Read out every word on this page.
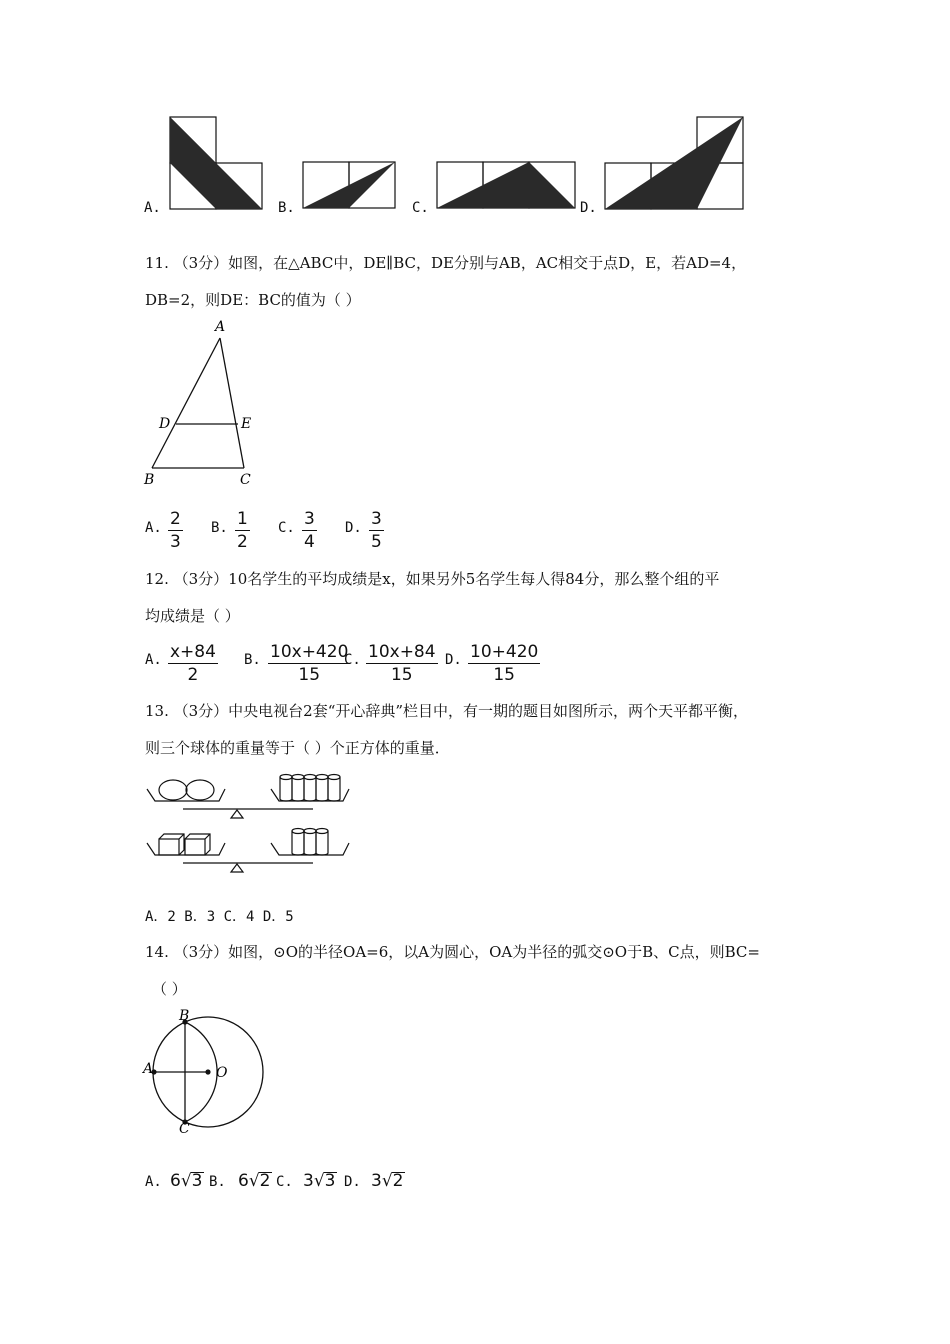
A.	B.	C.	D.
11. （3分）如图，在△ABC中，DE∥BC，DE分别与AB，AC相交于点D，E，若AD=4，
DB=2，则DE：BC的值为（ ）
A
D	E
B	C
A. $\frac{2}{3} B$. $\frac{1}{2} C$. $\frac{3}{4} D$. $\frac{3}{5}$
12. （3分）10名学生的平均成绩是x，如果另外5名学生每人得84分，那么整个组的平
均成绩是（ ）
A. $\frac{x+84}{2} B$. $\frac{10x+420}{15}$
C. $\frac{10x+84}{15} D$. $\frac{10+420}{15}$
13. （3分）中央电视台2套“开心辞典”栏目中，有一期的题目如图所示，两个天平都平衡，
则三个球体的重量等于（ ）个正方体的重量．
A．2 B．3 C．4 D．5
14. （3分）如图，⊙O的半径OA=6，以A为圆心，OA为半径的弧交⊙O于B、C点，则BC=
（ ）
B
A	O
C
A. 6√3 B. 6√2 C. 3√3 D. 3√2
